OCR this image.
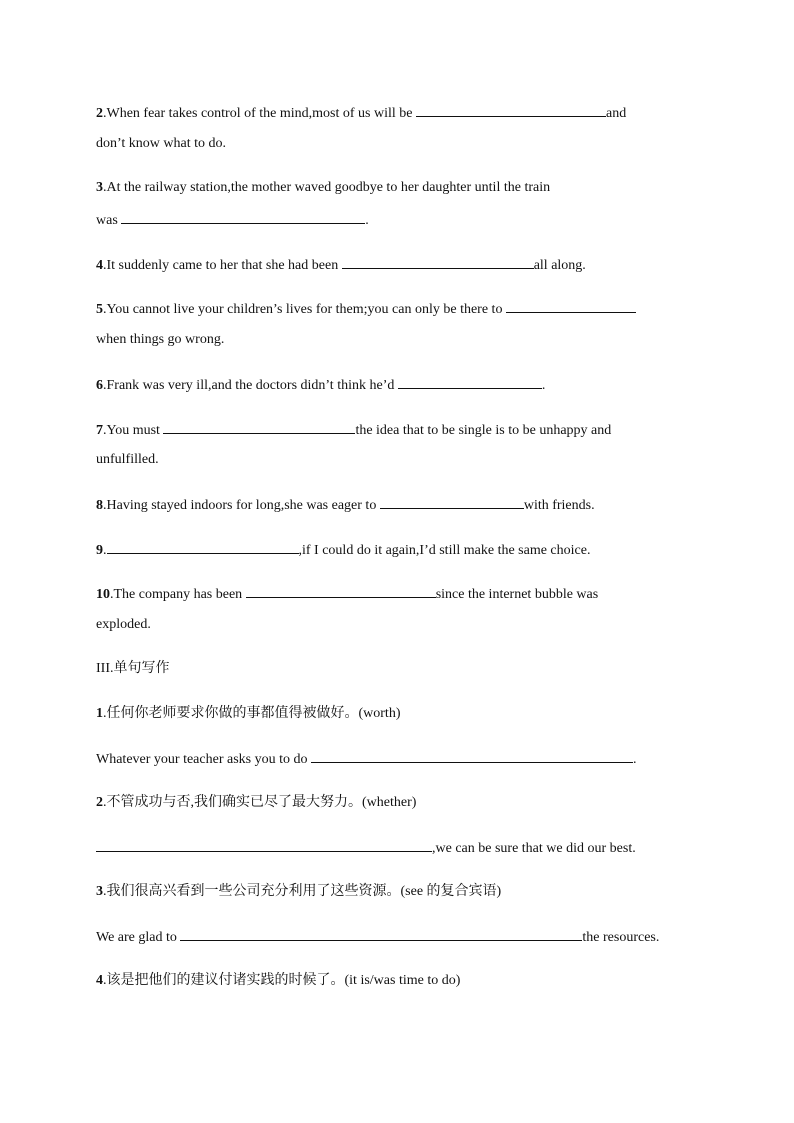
2.When fear takes control of the mind,most of us will be	and
don’t know what to do.
3.At the railway station,the mother waved goodbye to her daughter until the train
was	.
4.It suddenly came to her that she had been	all along.
5.You cannot live your children’s lives for them;you can only be there to
when things go wrong.
6.Frank was very ill,and the doctors didn’t think he’d	.
7.You must	the idea that to be single is to be unhappy and
unfulfilled.
8.Having stayed indoors for long,she was eager to	with friends.
9.	,if I could do it again,I’d still make the same choice.
10.The company has been	since the internet bubble was
exploded.
III.单句写作
1.任何你老师要求你做的事都值得被做好。(worth)
Whatever your teacher asks you to do	.
2.不管成功与否,我们确实已尽了最大努力。(whether)
,we can be sure that we did our best.
3.我们很高兴看到一些公司充分利用了这些资源。(see 的复合宾语)
We are glad to	the resources.
4.该是把他们的建议付诸实践的时候了。(it is/was time to do)
